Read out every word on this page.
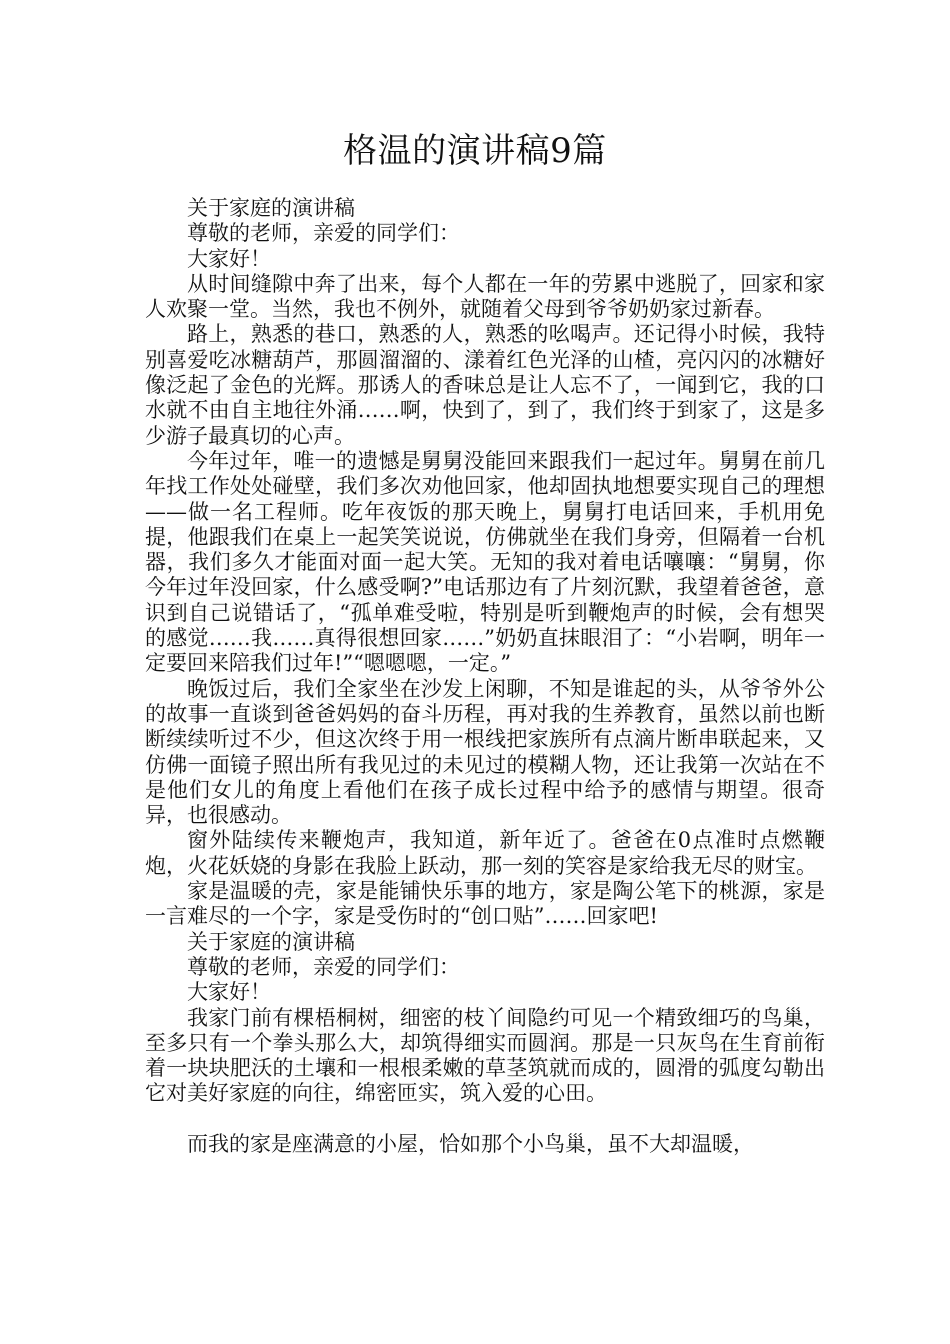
格温的演讲稿9篇

关于家庭的演讲稿

尊敬的老师，亲爱的同学们：

大家好！

从时间缝隙中奔了出来，每个人都在一年的劳累中逃脱了，回家和家人欢聚一堂。当然，我也不例外，就随着父母到爷爷奶奶家过新春。

路上，熟悉的巷口，熟悉的人，熟悉的吆喝声。还记得小时候，我特别喜爱吃冰糖葫芦，那圆溜溜的、漾着红色光泽的山楂，亮闪闪的冰糖好像泛起了金色的光辉。那诱人的香味总是让人忘不了，一闻到它，我的口水就不由自主地往外涌……啊，快到了，到了，我们终于到家了，这是多少游子最真切的心声。

今年过年，唯一的遗憾是舅舅没能回来跟我们一起过年。舅舅在前几年找工作处处碰壁，我们多次劝他回家，他却固执地想要实现自己的理想——做一名工程师。吃年夜饭的那天晚上，舅舅打电话回来，手机用免提，他跟我们在桌上一起笑笑说说，仿佛就坐在我们身旁，但隔着一台机器，我们多久才能面对面一起大笑。无知的我对着电话嚷嚷：“舅舅，你今年过年没回家，什么感受啊?”电话那边有了片刻沉默，我望着爸爸，意识到自己说错话了，“孤单难受啦，特别是听到鞭炮声的时候，会有想哭的感觉……我……真得很想回家……”奶奶直抹眼泪了：“小岩啊，明年一定要回来陪我们过年!”“嗯嗯嗯，一定。”

晚饭过后，我们全家坐在沙发上闲聊，不知是谁起的头，从爷爷外公的故事一直谈到爸爸妈妈的奋斗历程，再对我的生养教育，虽然以前也断断续续听过不少，但这次终于用一根线把家族所有点滴片断串联起来，又仿佛一面镜子照出所有我见过的未见过的模糊人物，还让我第一次站在不是他们女儿的角度上看他们在孩子成长过程中给予的感情与期望。很奇异，也很感动。

窗外陆续传来鞭炮声，我知道，新年近了。爸爸在0点准时点燃鞭炮，火花妖娆的身影在我脸上跃动，那一刻的笑容是家给我无尽的财宝。

家是温暖的壳，家是能铺快乐事的地方，家是陶公笔下的桃源，家是一言难尽的一个字，家是受伤时的“创口贴”……回家吧!

关于家庭的演讲稿

尊敬的老师，亲爱的同学们：

大家好！

我家门前有棵梧桐树，细密的枝丫间隐约可见一个精致细巧的鸟巢，至多只有一个拳头那么大，却筑得细实而圆润。那是一只灰鸟在生育前衔着一块块肥沃的土壤和一根根柔嫩的草茎筑就而成的，圆滑的弧度勾勒出它对美好家庭的向往，绵密匝实，筑入爱的心田。

而我的家是座满意的小屋，恰如那个小鸟巢，虽不大却温暖，
